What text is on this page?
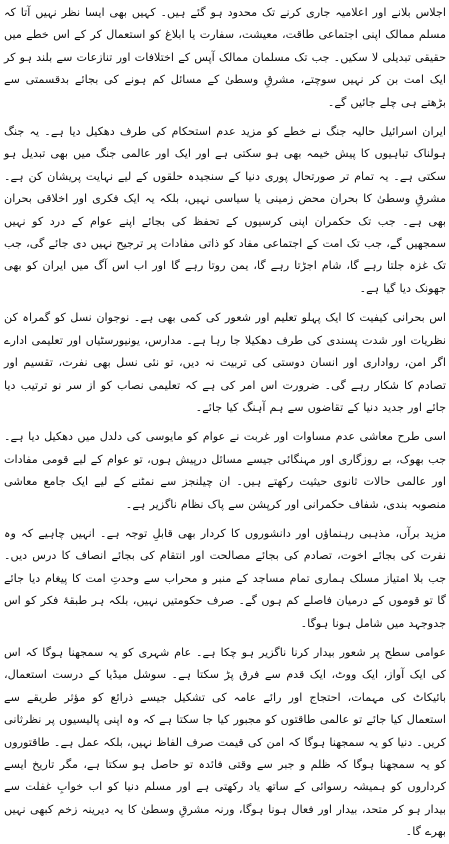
اجلاس بلانے اور اعلامیہ جاری کرنے تک محدود ہو گئے ہیں۔ کہیں بھی ایسا نظر نہیں آتا کہ مسلم ممالک اپنی اجتماعی طاقت، معیشت، سفارت یا ابلاغ کو استعمال کر کے اس خطے میں حقیقی تبدیلی لا سکیں۔ جب تک مسلمان ممالک آپس کے اختلافات اور تنازعات سے بلند ہو کر ایک امت بن کر نہیں سوچتے، مشرقِ وسطیٰ کے مسائل کم ہونے کی بجائے بدقسمتی سے بڑھتے ہی چلے جائیں گے۔

ایران اسرائیل حالیہ جنگ نے خطے کو مزید عدم استحکام کی طرف دھکیل دیا ہے۔ یہ جنگ ہولناک تباہیوں کا پیش خیمہ بھی ہو سکتی ہے اور ایک اور عالمی جنگ میں بھی تبدیل ہو سکتی ہے۔ یہ تمام تر صورتحال پوری دنیا کے سنجیدہ حلقوں کے لیے نہایت پریشان کن ہے۔ مشرقِ وسطیٰ کا بحران محض زمینی یا سیاسی نہیں، بلکہ یہ ایک فکری اور اخلاقی بحران بھی ہے۔ جب تک حکمران اپنی کرسیوں کے تحفظ کی بجائے اپنے عوام کے درد کو نہیں سمجھیں گے، جب تک امت کے اجتماعی مفاد کو ذاتی مفادات پر ترجیح نہیں دی جائے گی، جب تک غزہ جلتا رہے گا، شام اجڑتا رہے گا، یمن روتا رہے گا اور اب اس آگ میں ایران کو بھی جھونک دیا گیا ہے۔

اس بحرانی کیفیت کا ایک پہلو تعلیم اور شعور کی کمی بھی ہے۔ نوجوان نسل کو گمراہ کن نظریات اور شدت پسندی کی طرف دھکیلا جا رہا ہے۔ مدارس، یونیورسٹیاں اور تعلیمی ادارے اگر امن، رواداری اور انسان دوستی کی تربیت نہ دیں، تو نئی نسل بھی نفرت، تقسیم اور تصادم کا شکار رہے گی۔ ضرورت اس امر کی ہے کہ تعلیمی نصاب کو از سر نو ترتیب دیا جائے اور جدید دنیا کے تقاضوں سے ہم آہنگ کیا جائے۔

اسی طرح معاشی عدم مساوات اور غربت نے عوام کو مایوسی کی دلدل میں دھکیل دیا ہے۔ جب بھوک، بے روزگاری اور مہنگائی جیسے مسائل درپیش ہوں، تو عوام کے لیے قومی مفادات اور عالمی حالات ثانوی حیثیت رکھتے ہیں۔ ان چیلنجز سے نمٹنے کے لیے ایک جامع معاشی منصوبہ بندی، شفاف حکمرانی اور کرپشن سے پاک نظام ناگزیر ہے۔

مزید برآں، مذہبی رہنماؤں اور دانشوروں کا کردار بھی قابلِ توجہ ہے۔ انہیں چاہیے کہ وہ نفرت کی بجائے اخوت، تصادم کی بجائے مصالحت اور انتقام کی بجائے انصاف کا درس دیں۔ جب بلا امتیاز مسلک ہماری تمام مساجد کے منبر و محراب سے وحدتِ امت کا پیغام دیا جائے گا تو قوموں کے درمیان فاصلے کم ہوں گے۔ صرف حکومتیں نہیں، بلکہ ہر طبقۂ فکر کو اس جدوجہد میں شامل ہونا ہوگا۔

عوامی سطح پر شعور بیدار کرنا ناگزیر ہو چکا ہے۔ عام شہری کو یہ سمجھنا ہوگا کہ اس کی ایک آواز، ایک ووٹ، ایک قدم سے فرق پڑ سکتا ہے۔ سوشل میڈیا کے درست استعمال، بائیکاٹ کی مہمات، احتجاج اور رائے عامہ کی تشکیل جیسے ذرائع کو مؤثر طریقے سے استعمال کیا جائے تو عالمی طاقتوں کو مجبور کیا جا سکتا ہے کہ وہ اپنی پالیسیوں پر نظرثانی کریں۔ دنیا کو یہ سمجھنا ہوگا کہ امن کی قیمت صرف الفاظ نہیں، بلکہ عمل ہے۔ طاقتوروں کو یہ سمجھنا ہوگا کہ ظلم و جبر سے وقتی فائدہ تو حاصل ہو سکتا ہے، مگر تاریخ ایسے کرداروں کو ہمیشہ رسوائی کے ساتھ یاد رکھتی ہے اور مسلم دنیا کو اب خوابِ غفلت سے بیدار ہو کر متحد، بیدار اور فعال ہونا ہوگا، ورنہ مشرقِ وسطیٰ کا یہ دیرینہ زخم کبھی نہیں بھرے گا۔
